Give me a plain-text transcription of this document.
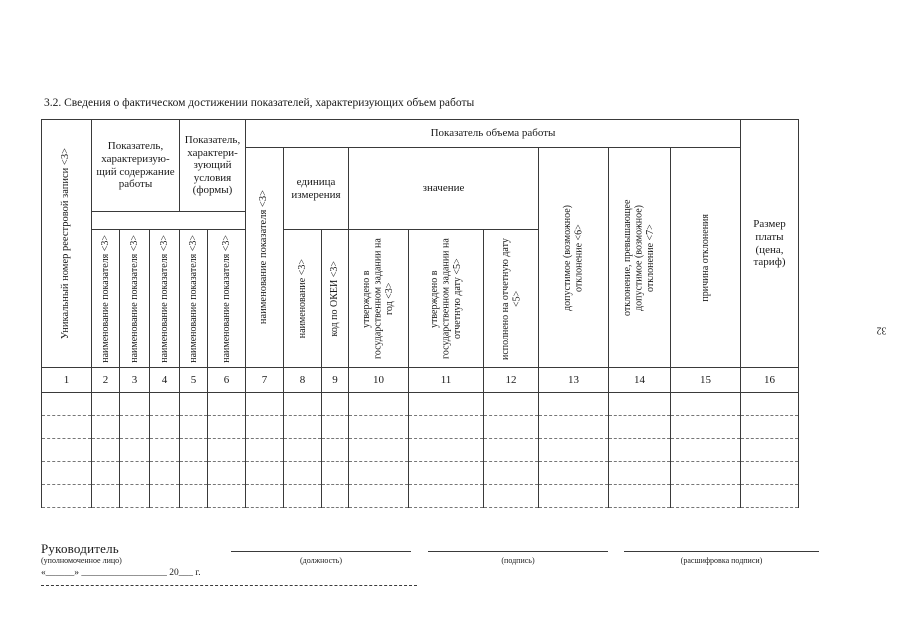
3.2. Сведения о фактическом достижении показателей, характеризующих объем работы
Уникальный номер реестровой записи <3>	Показатель, характеризую-щий содержание работы			Показатель, характери-зующий условия (формы)		Показатель объема работы									Размер платы (цена, тариф)

						наименование показателя <3>	единица измерения		значение			допустимое (возможное) отклонение <6>	отклонение, превышающее допустимое (возможное) отклонение <7>	причина отклонения	

	наименование показателя <3>	наименование показателя <3>	наименование показателя <3>	наименование показателя <3>	наименование показателя <3>		наименование <3>	код по ОКЕИ <3>	утверждено в государственном задании на год <3>	утверждено в государственном задании на отчетную дату <5>	исполнено на отчетную дату <5>				

1	2	3	4	5	6	7	8	9	10	11	12	13	14	15	16

32
Руководитель
(уполномоченное лицо)	(должность)	(подпись)	(расшифровка подписи)
«______» __________________ 20___ г.
